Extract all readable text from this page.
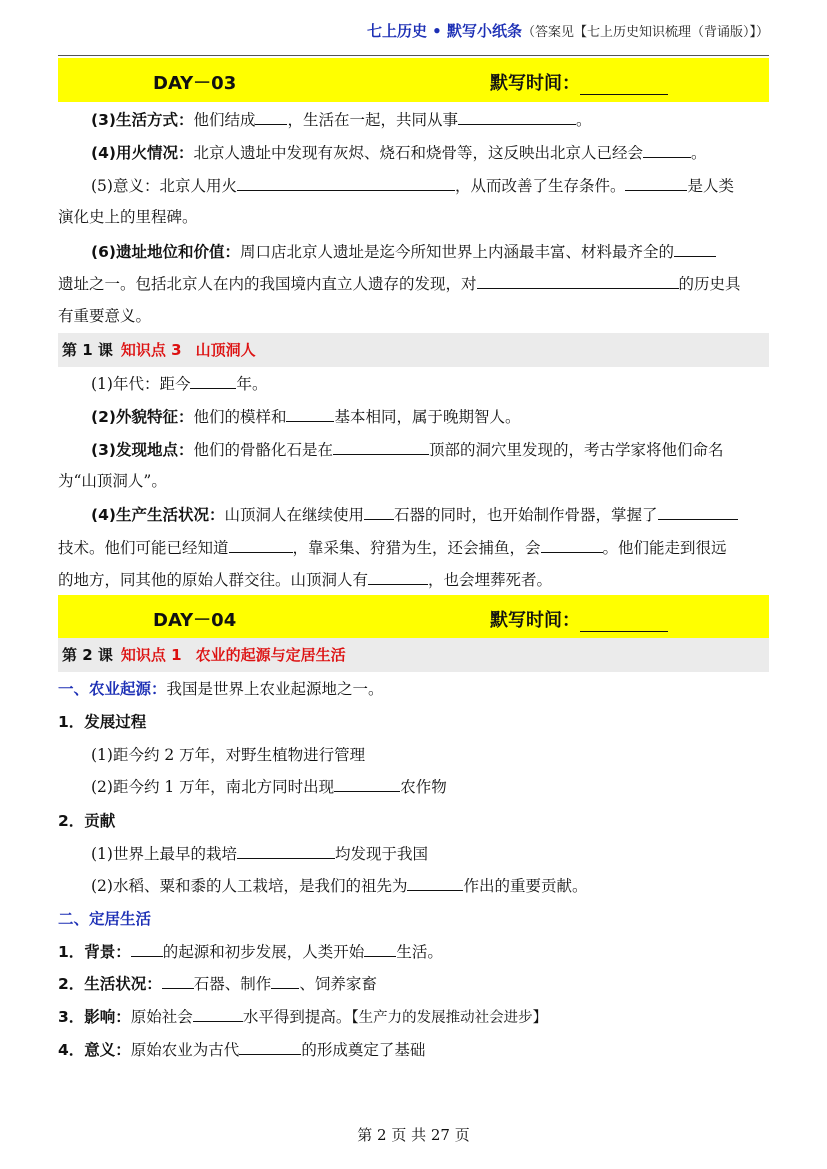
七上历史 • 默写小纸条（答案见【七上历史知识梳理（背诵版）】）
DAY－03	默写时间：
(3)生活方式：他们结成 ，生活在一起，共同从事	。
(4)用火情况：北京人遗址中发现有灰烬、烧石和烧骨等，这反映出北京人已经会	。
(5)意义：北京人用火	，从而改善了生存条件。	是人类
演化史上的里程碑。
(6)遗址地位和价值：周口店北京人遗址是迄今所知世界上内涵最丰富、材料最齐全的
遗址之一。包括北京人在内的我国境内直立人遗存的发现，对	的历史具
有重要意义。
第 1 课 知识点 3 山顶洞人
(1)年代：距今	年。
(2)外貌特征：他们的模样和	基本相同，属于晚期智人。
(3)发现地点：他们的骨骼化石是在	顶部的洞穴里发现的，考古学家将他们命名
为“山顶洞人”。
(4)生产生活状况：山顶洞人在继续使用 石器的同时，也开始制作骨器，掌握了
技术。他们可能已经知道	，靠采集、狩猎为生，还会捕鱼，会	。他们能走到很远
的地方，同其他的原始人群交往。山顶洞人有	，也会埋葬死者。
DAY－04	默写时间：
第 2 课 知识点 1 农业的起源与定居生活
一、农业起源：我国是世界上农业起源地之一。
1．发展过程
(1)距今约 2 万年，对野生植物进行管理
(2)距今约 1 万年，南北方同时出现	农作物
2．贡献
(1)世界上最早的栽培	均发现于我国
(2)水稻、粟和黍的人工栽培，是我们的祖先为	作出的重要贡献。
二、定居生活
1．背景： 的起源和初步发展，人类开始 生活。
2．生活状况： 石器、制作 、饲养家畜
3．影响：原始社会	水平得到提高。【生产力的发展推动社会进步】
4．意义：原始农业为古代	的形成奠定了基础
第 2 页 共 27 页
